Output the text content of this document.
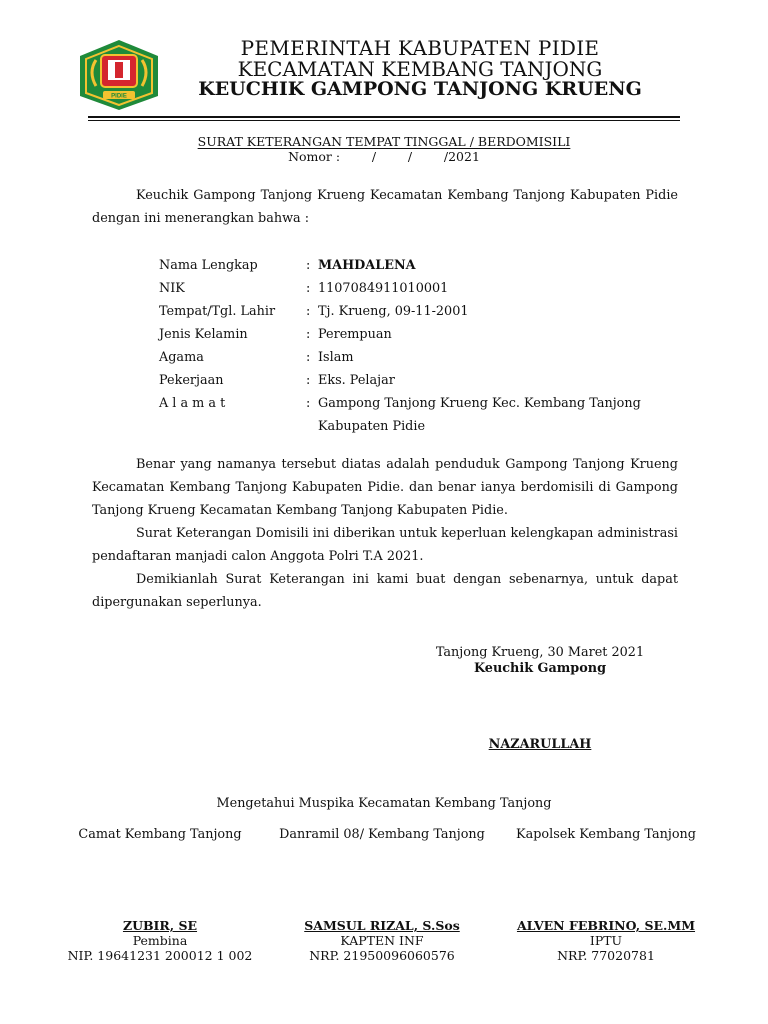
PIDIE
PEMERINTAH KABUPATEN PIDIE
KECAMATAN KEMBANG TANJONG
KEUCHIK GAMPONG TANJONG KRUENG
SURAT KETERANGAN TEMPAT TINGGAL / BERDOMISILI
Nomor :        /        /        /2021
Keuchik Gampong Tanjong Krueng Kecamatan Kembang Tanjong Kabupaten Pidie dengan ini menerangkan bahwa :
Nama Lengkap	: MAHDALENA
NIK	: 1107084911010001
Tempat/Tgl. Lahir	: Tj. Krueng, 09-11-2001
Jenis Kelamin	: Perempuan
Agama	: Islam
Pekerjaan	: Eks. Pelajar
A l a m a t	: Gampong Tanjong Krueng Kec. Kembang Tanjong
Kabupaten Pidie
Benar yang namanya tersebut diatas adalah penduduk Gampong Tanjong Krueng Kecamatan Kembang Tanjong Kabupaten Pidie. dan benar ianya berdomisili di Gampong Tanjong Krueng Kecamatan Kembang Tanjong Kabupaten Pidie.
Surat Keterangan Domisili ini diberikan untuk keperluan kelengkapan administrasi pendaftaran manjadi calon Anggota Polri T.A 2021.
Demikianlah Surat Keterangan ini kami buat dengan sebenarnya, untuk dapat dipergunakan seperlunya.
Tanjong Krueng, 30 Maret 2021
Keuchik Gampong
NAZARULLAH
Mengetahui Muspika Kecamatan Kembang Tanjong
Camat Kembang Tanjong	Danramil 08/ Kembang Tanjong	Kapolsek Kembang Tanjong
ZUBIR, SE
Pembina
NIP. 19641231 200012 1 002
SAMSUL RIZAL, S.Sos
KAPTEN INF
NRP. 21950096060576
ALVEN FEBRINO, SE.MM
IPTU
NRP. 77020781
